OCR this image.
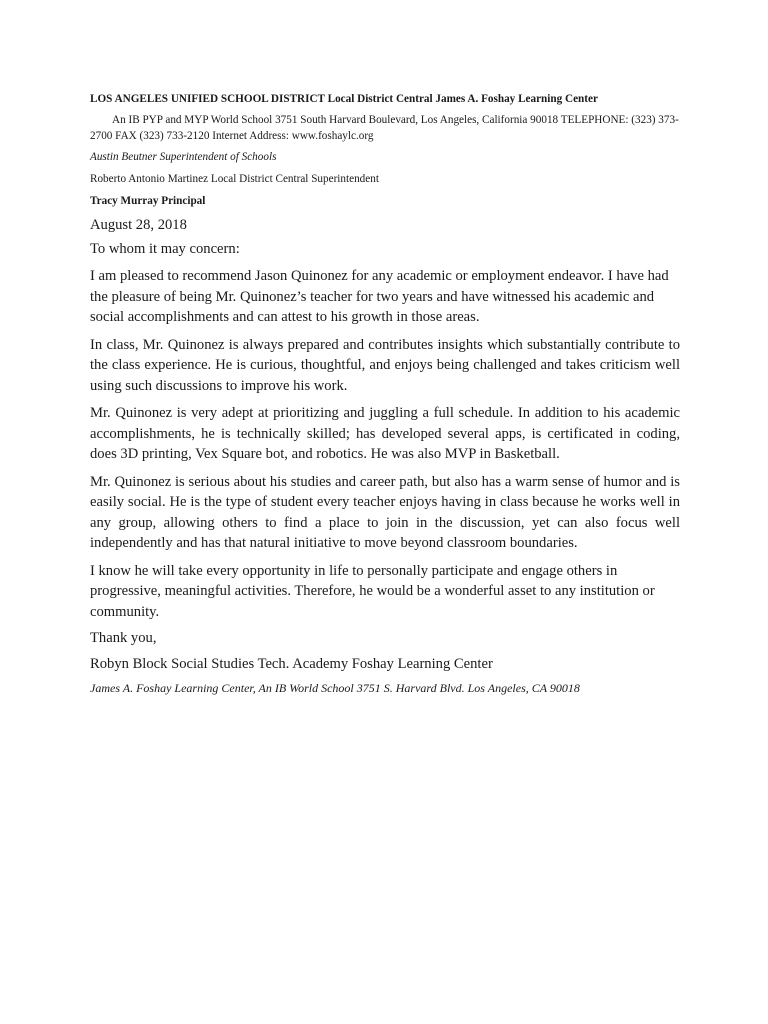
LOS ANGELES UNIFIED SCHOOL DISTRICT Local District Central James A. Foshay Learning Center

An IB PYP and MYP World School 3751 South Harvard Boulevard, Los Angeles, California 90018 TELEPHONE: (323) 373-2700 FAX (323) 733-2120 Internet Address: www.foshaylc.org

Austin Beutner Superintendent of Schools

Roberto Antonio Martinez Local District Central Superintendent

Tracy Murray Principal

August 28, 2018

To whom it may concern:

I am pleased to recommend Jason Quinonez for any academic or employment endeavor. I have had the pleasure of being Mr. Quinonez’s teacher for two years and have witnessed his academic and social accomplishments and can attest to his growth in those areas.

In class, Mr. Quinonez is always prepared and contributes insights which substantially contribute to the class experience. He is curious, thoughtful, and enjoys being challenged and takes criticism well using such discussions to improve his work.

Mr. Quinonez is very adept at prioritizing and juggling a full schedule. In addition to his academic accomplishments, he is technically skilled; has developed several apps, is certificated in coding, does 3D printing, Vex Square bot, and robotics. He was also MVP in Basketball.

Mr. Quinonez is serious about his studies and career path, but also has a warm sense of humor and is easily social. He is the type of student every teacher enjoys having in class because he works well in any group, allowing others to find a place to join in the discussion, yet can also focus well independently and has that natural initiative to move beyond classroom boundaries.

I know he will take every opportunity in life to personally participate and engage others in progressive, meaningful activities. Therefore, he would be a wonderful asset to any institution or community.

Thank you,

Robyn Block Social Studies Tech. Academy Foshay Learning Center

James A. Foshay Learning Center, An IB World School 3751 S. Harvard Blvd. Los Angeles, CA 90018
